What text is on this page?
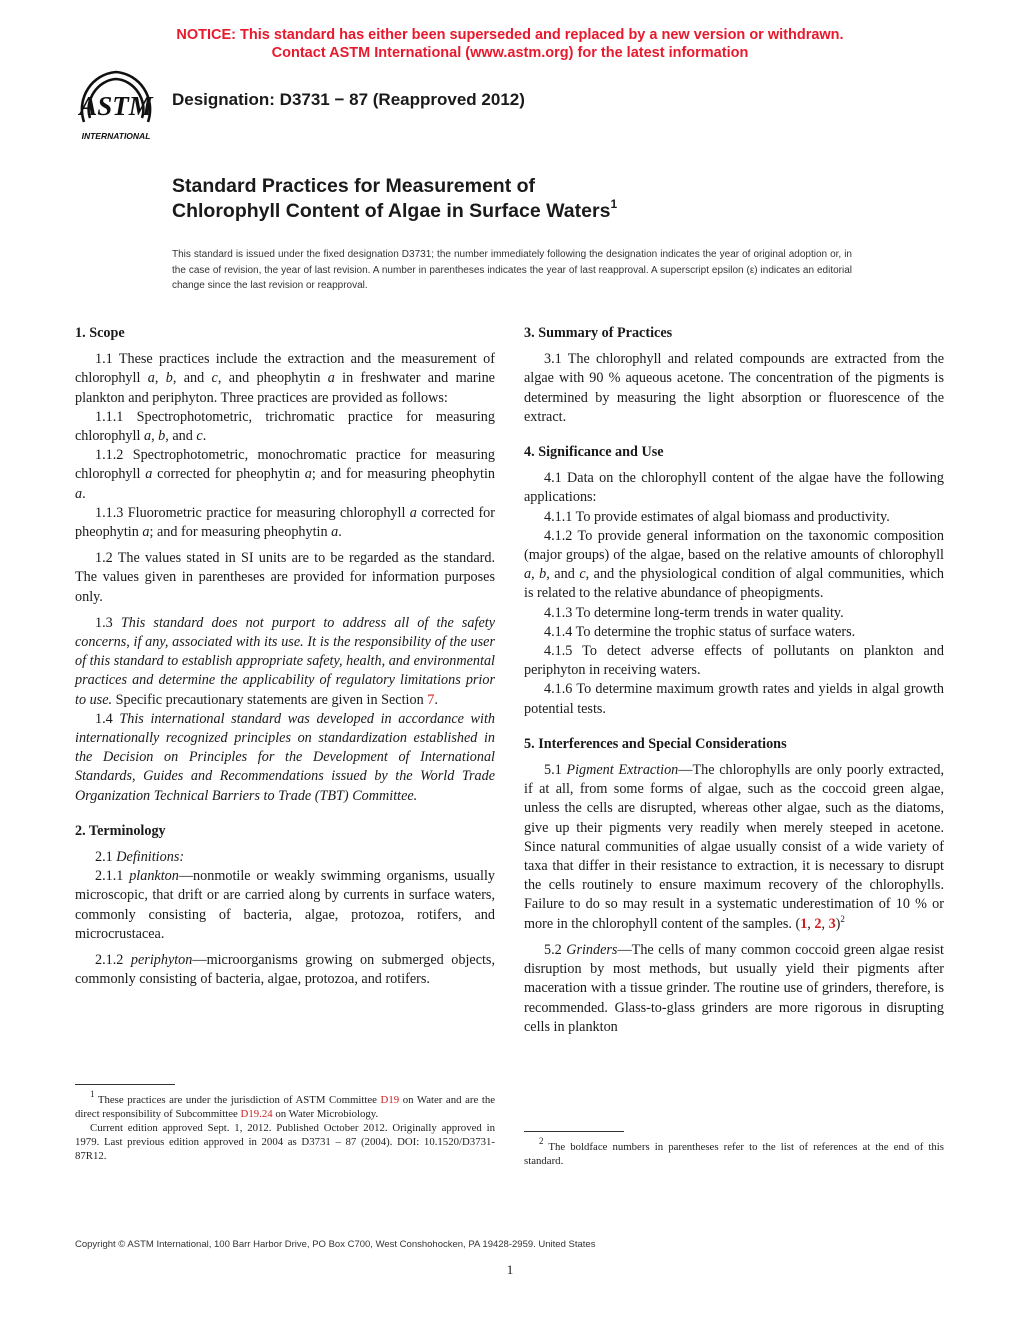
NOTICE: This standard has either been superseded and replaced by a new version or withdrawn.
Contact ASTM International (www.astm.org) for the latest information
ASTM
INTERNATIONAL
Designation: D3731 − 87 (Reapproved 2012)
Standard Practices for Measurement of
Chlorophyll Content of Algae in Surface Waters$^1$
This standard is issued under the fixed designation D3731; the number immediately following the designation indicates the year of original adoption or, in the case of revision, the year of last revision. A number in parentheses indicates the year of last reapproval. A superscript epsilon (ε) indicates an editorial change since the last revision or reapproval.
1. Scope

1.1 These practices include the extraction and the measurement of chlorophyll a, b, and c, and pheophytin a in freshwater and marine plankton and periphyton. Three practices are provided as follows:

1.1.1 Spectrophotometric, trichromatic practice for measuring chlorophyll a, b, and c.

1.1.2 Spectrophotometric, monochromatic practice for measuring chlorophyll a corrected for pheophytin a; and for measuring pheophytin a.

1.1.3 Fluorometric practice for measuring chlorophyll a corrected for pheophytin a; and for measuring pheophytin a.

1.2 The values stated in SI units are to be regarded as the standard. The values given in parentheses are provided for information purposes only.

1.3 This standard does not purport to address all of the safety concerns, if any, associated with its use. It is the responsibility of the user of this standard to establish appropriate safety, health, and environmental practices and determine the applicability of regulatory limitations prior to use. Specific precautionary statements are given in Section 7.

1.4 This international standard was developed in accordance with internationally recognized principles on standardization established in the Decision on Principles for the Development of International Standards, Guides and Recommendations issued by the World Trade Organization Technical Barriers to Trade (TBT) Committee.

2. Terminology

2.1 Definitions:

2.1.1 plankton—nonmotile or weakly swimming organisms, usually microscopic, that drift or are carried along by currents in surface waters, commonly consisting of bacteria, algae, protozoa, rotifers, and microcrustacea.

2.1.2 periphyton—microorganisms growing on submerged objects, commonly consisting of bacteria, algae, protozoa, and rotifers.

3. Summary of Practices

3.1 The chlorophyll and related compounds are extracted from the algae with 90 % aqueous acetone. The concentration of the pigments is determined by measuring the light absorption or fluorescence of the extract.

4. Significance and Use

4.1 Data on the chlorophyll content of the algae have the following applications:

4.1.1 To provide estimates of algal biomass and productivity.

4.1.2 To provide general information on the taxonomic composition (major groups) of the algae, based on the relative amounts of chlorophyll a, b, and c, and the physiological condition of algal communities, which is related to the relative abundance of pheopigments.

4.1.3 To determine long-term trends in water quality.

4.1.4 To determine the trophic status of surface waters.

4.1.5 To detect adverse effects of pollutants on plankton and periphyton in receiving waters.

4.1.6 To determine maximum growth rates and yields in algal growth potential tests.

5. Interferences and Special Considerations

5.1 Pigment Extraction—The chlorophylls are only poorly extracted, if at all, from some forms of algae, such as the coccoid green algae, unless the cells are disrupted, whereas other algae, such as the diatoms, give up their pigments very readily when merely steeped in acetone. Since natural communities of algae usually consist of a wide variety of taxa that differ in their resistance to extraction, it is necessary to disrupt the cells routinely to ensure maximum recovery of the chlorophylls. Failure to do so may result in a systematic underestimation of 10 % or more in the chlorophyll content of the samples. (1, 2, 3)$^2$

5.2 Grinders—The cells of many common coccoid green algae resist disruption by most methods, but usually yield their pigments after maceration with a tissue grinder. The routine use of grinders, therefore, is recommended. Glass-to-glass grinders are more rigorous in disrupting cells in plankton

$^1$ These practices are under the jurisdiction of ASTM Committee D19 on Water and are the direct responsibility of Subcommittee D19.24 on Water Microbiology.

Current edition approved Sept. 1, 2012. Published October 2012. Originally approved in 1979. Last previous edition approved in 2004 as D3731 – 87 (2004). DOI: 10.1520/D3731-87R12.

$^2$ The boldface numbers in parentheses refer to the list of references at the end of this standard.

Copyright © ASTM International, 100 Barr Harbor Drive, PO Box C700, West Conshohocken, PA 19428-2959. United States
1
